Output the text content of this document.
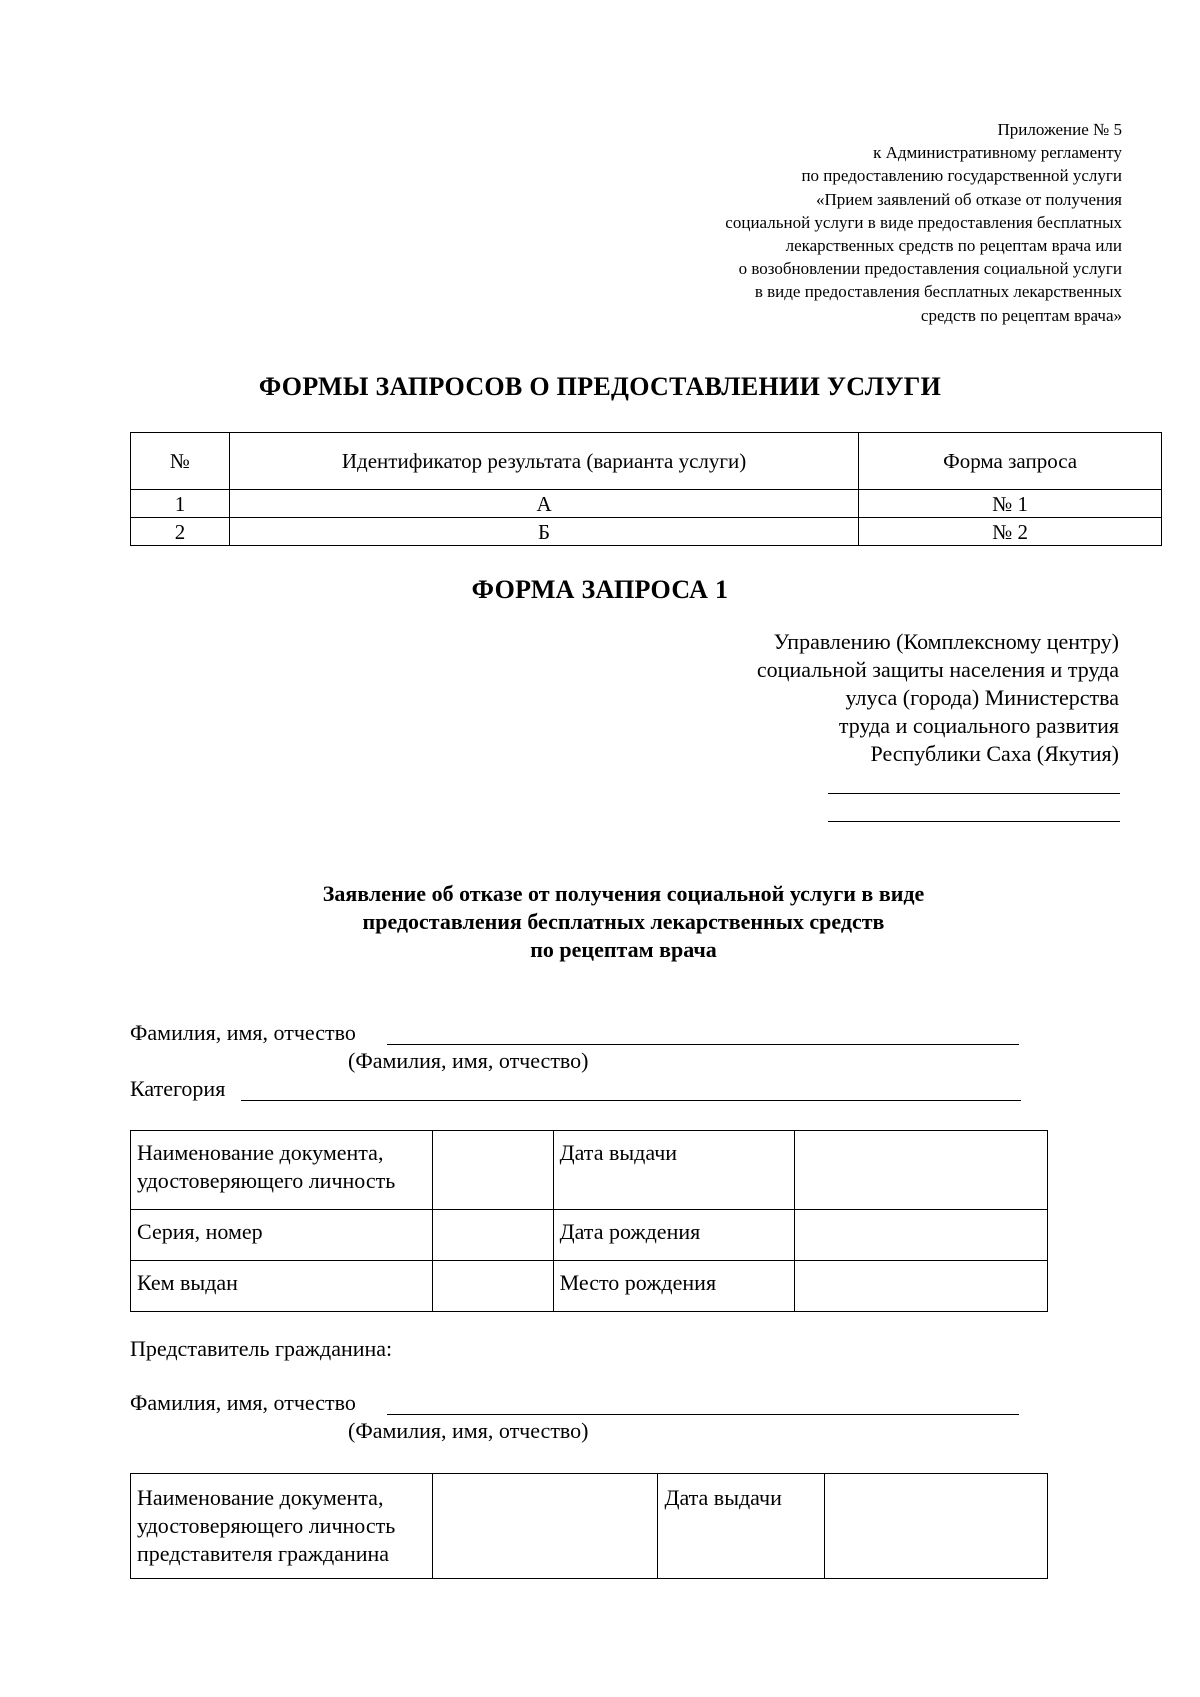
Приложение № 5
к Административному регламенту
по предоставлению государственной услуги
«Прием заявлений об отказе от получения
социальной услуги в виде предоставления бесплатных
лекарственных средств по рецептам врача или
о возобновлении предоставления социальной услуги
в виде предоставления бесплатных лекарственных
средств по рецептам врача»
ФОРМЫ ЗАПРОСОВ О ПРЕДОСТАВЛЕНИИ УСЛУГИ
№	Идентификатор результата (варианта услуги)	Форма запроса
1	А	№ 1
2	Б	№ 2
ФОРМА ЗАПРОСА 1
Управлению (Комплексному центру)
социальной защиты населения и труда
улуса (города) Министерства
труда и социального развития
Республики Саха (Якутия)
Заявление об отказе от получения социальной услуги в виде
предоставления бесплатных лекарственных средств
по рецептам врача
Фамилия, имя, отчество
(Фамилия, имя, отчество)
Категория
Наименование документа, удостоверяющего личность		Дата выдачи	
Серия, номер		Дата рождения	
Кем выдан		Место рождения	
Представитель гражданина:
Фамилия, имя, отчество
(Фамилия, имя, отчество)
Наименование документа, удостоверяющего личность представителя гражданина		Дата выдачи	
